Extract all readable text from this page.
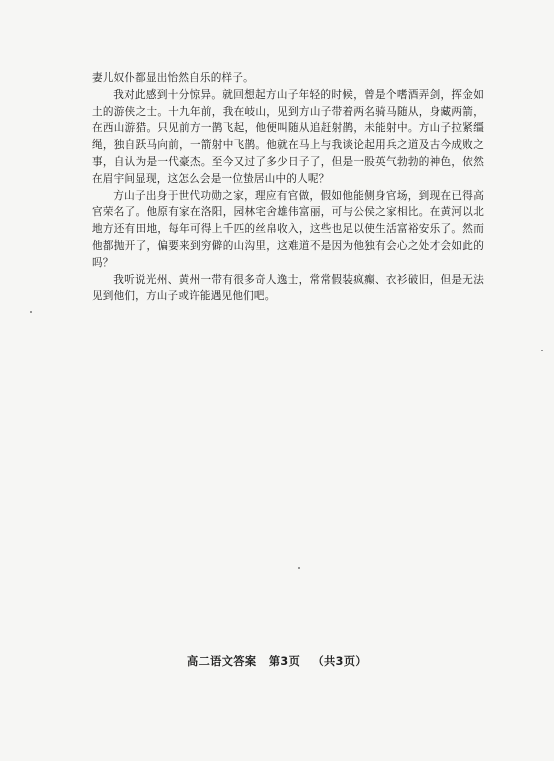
妻儿奴仆都显出怡然自乐的样子。

我对此感到十分惊异。就回想起方山子年轻的时候，曾是个嗜酒弄剑，挥金如土的游侠之士。十九年前，我在岐山，见到方山子带着两名骑马随从，身藏两箭，在西山游猎。只见前方一鹊飞起，他便叫随从追赶射鹊，未能射中。方山子拉紧缰绳，独自跃马向前，一箭射中飞鹊。他就在马上与我谈论起用兵之道及古今成败之事，自认为是一代豪杰。至今又过了多少日子了，但是一股英气勃勃的神色，依然在眉宇间显现，这怎么会是一位蛰居山中的人呢？

方山子出身于世代功勋之家，理应有官做，假如他能侧身官场，到现在已得高官荣名了。他原有家在洛阳，园林宅舍雄伟富丽，可与公侯之家相比。在黄河以北地方还有田地，每年可得上千匹的丝帛收入，这些也足以使生活富裕安乐了。然而他都抛开了，偏要来到穷僻的山沟里，这难道不是因为他独有会心之处才会如此的吗？

我听说光州、黄州一带有很多奇人逸士，常常假装疯癫、衣衫破旧，但是无法见到他们，方山子或许能遇见他们吧。

高二语文答案 第3页 （共3页）
